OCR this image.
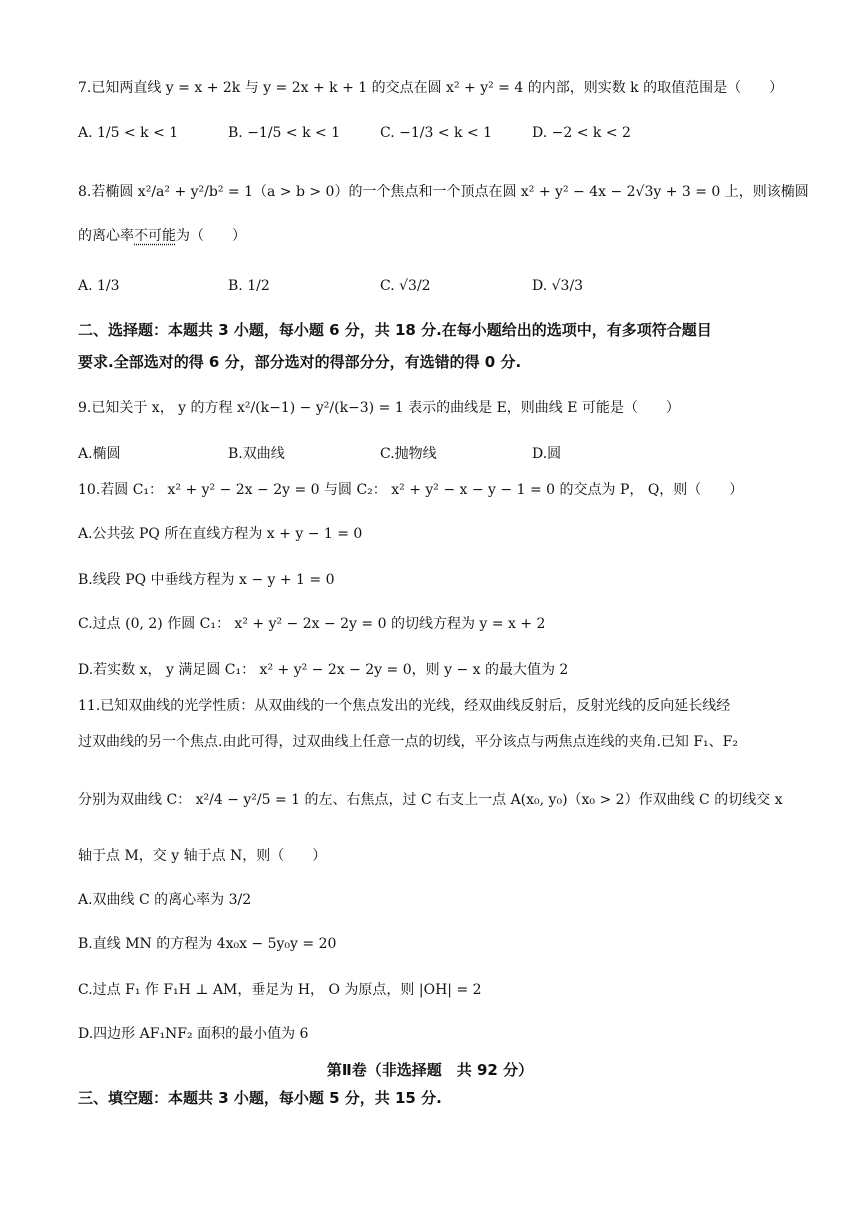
7.已知两直线 y = x + 2k 与 y = 2x + k + 1 的交点在圆 x² + y² = 4 的内部，则实数 k 的取值范围是（　　）
A. 1/5 < k < 1	B. −1/5 < k < 1	C. −1/3 < k < 1	D. −2 < k < 2
8.若椭圆 x²/a² + y²/b² = 1（a > b > 0）的一个焦点和一个顶点在圆 x² + y² − 4x − 2√3y + 3 = 0 上，则该椭圆
的离心率不可能为（　　）
A. 1/3	B. 1/2	C. √3/2	D. √3/3
二、选择题：本题共 3 小题，每小题 6 分，共 18 分.在每小题给出的选项中，有多项符合题目
要求.全部选对的得 6 分，部分选对的得部分分，有选错的得 0 分.
9.已知关于 x， y 的方程 x²/(k−1) − y²/(k−3) = 1 表示的曲线是 E，则曲线 E 可能是（　　）
A.椭圆	B.双曲线	C.抛物线	D.圆
10.若圆 C₁： x² + y² − 2x − 2y = 0 与圆 C₂： x² + y² − x − y − 1 = 0 的交点为 P， Q，则（　　）
A.公共弦 PQ 所在直线方程为 x + y − 1 = 0
B.线段 PQ 中垂线方程为 x − y + 1 = 0
C.过点 (0, 2) 作圆 C₁： x² + y² − 2x − 2y = 0 的切线方程为 y = x + 2
D.若实数 x， y 满足圆 C₁： x² + y² − 2x − 2y = 0，则 y − x 的最大值为 2
11.已知双曲线的光学性质：从双曲线的一个焦点发出的光线，经双曲线反射后，反射光线的反向延长线经
过双曲线的另一个焦点.由此可得，过双曲线上任意一点的切线，平分该点与两焦点连线的夹角.已知 F₁、F₂
分别为双曲线 C： x²/4 − y²/5 = 1 的左、右焦点，过 C 右支上一点 A(x₀, y₀)（x₀ > 2）作双曲线 C 的切线交 x
轴于点 M，交 y 轴于点 N，则（　　）
A.双曲线 C 的离心率为 3/2
B.直线 MN 的方程为 4x₀x − 5y₀y = 20
C.过点 F₁ 作 F₁H ⊥ AM，垂足为 H， O 为原点，则 |OH| = 2
D.四边形 AF₁NF₂ 面积的最小值为 6
第Ⅱ卷（非选择题　共 92 分）
三、填空题：本题共 3 小题，每小题 5 分，共 15 分.
